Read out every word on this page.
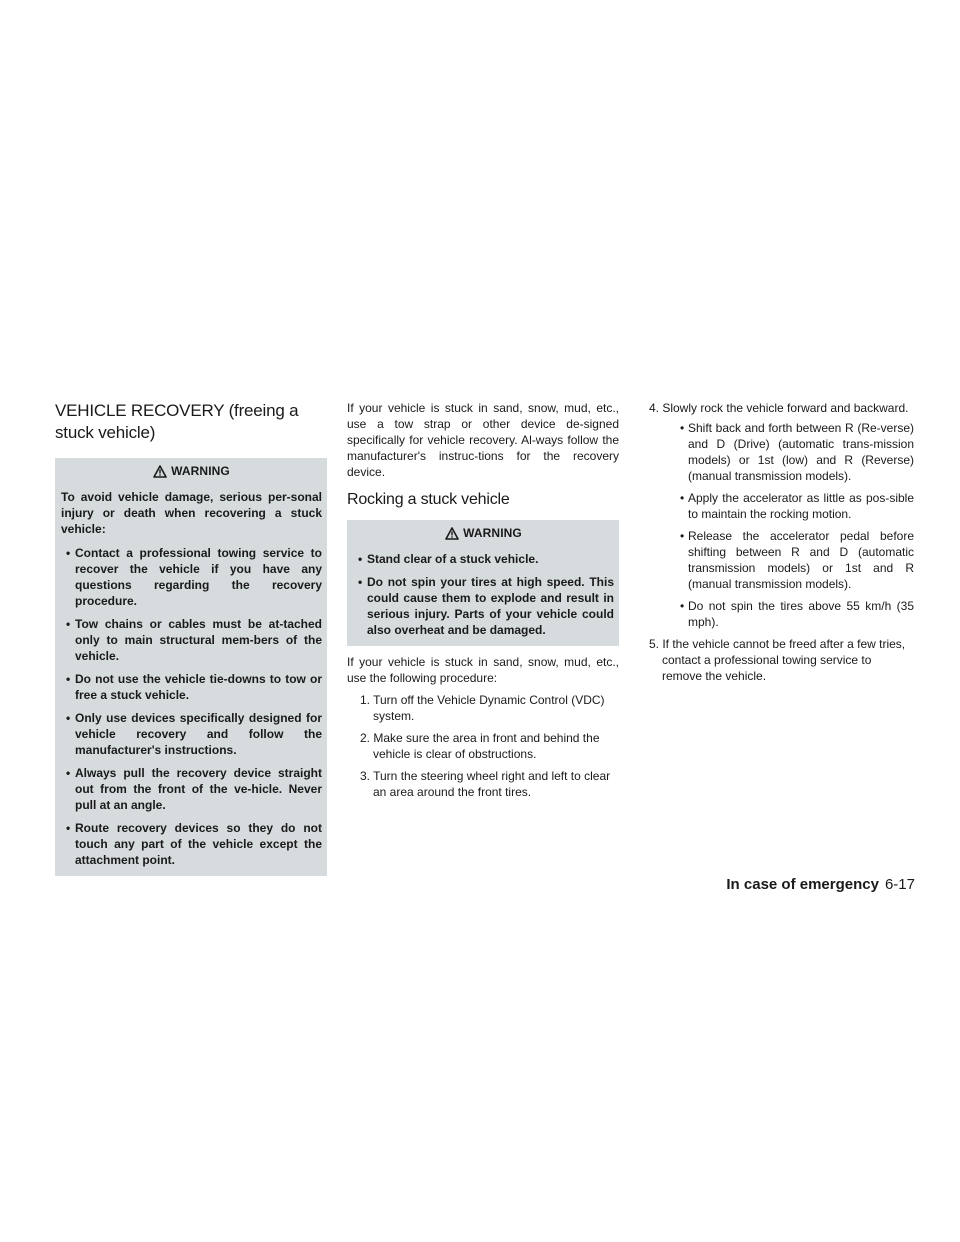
VEHICLE RECOVERY (freeing a
stuck vehicle)
WARNING

To avoid vehicle damage, serious per-sonal injury or death when recovering a stuck vehicle:

• Contact a professional towing service to recover the vehicle if you have any questions regarding the recovery procedure.
• Tow chains or cables must be at-tached only to main structural mem-bers of the vehicle.
• Do not use the vehicle tie-downs to tow or free a stuck vehicle.
• Only use devices specifically designed for vehicle recovery and follow the manufacturer's instructions.
• Always pull the recovery device straight out from the front of the ve-hicle. Never pull at an angle.
• Route recovery devices so they do not touch any part of the vehicle except the attachment point.

If your vehicle is stuck in sand, snow, mud, etc., use a tow strap or other device de-signed specifically for vehicle recovery. Al-ways follow the manufacturer's instruc-tions for the recovery device.

Rocking a stuck vehicle
WARNING
• Stand clear of a stuck vehicle.
• Do not spin your tires at high speed. This could cause them to explode and result in serious injury. Parts of your vehicle could also overheat and be damaged.

If your vehicle is stuck in sand, snow, mud, etc., use the following procedure:

1. Turn off the Vehicle Dynamic Control (VDC) system.
2. Make sure the area in front and behind the vehicle is clear of obstructions.
3. Turn the steering wheel right and left to clear an area around the front tires.
4. Slowly rock the vehicle forward and backward.
• Shift back and forth between R (Re-verse) and D (Drive) (automatic trans-mission models) or 1st (low) and R (Reverse) (manual transmission models).
• Apply the accelerator as little as pos-sible to maintain the rocking motion.
• Release the accelerator pedal before shifting between R and D (automatic transmission models) or 1st and R (manual transmission models).
• Do not spin the tires above 55 km/h (35 mph).
5. If the vehicle cannot be freed after a few tries, contact a professional towing service to remove the vehicle.
In case of emergency 6-17
